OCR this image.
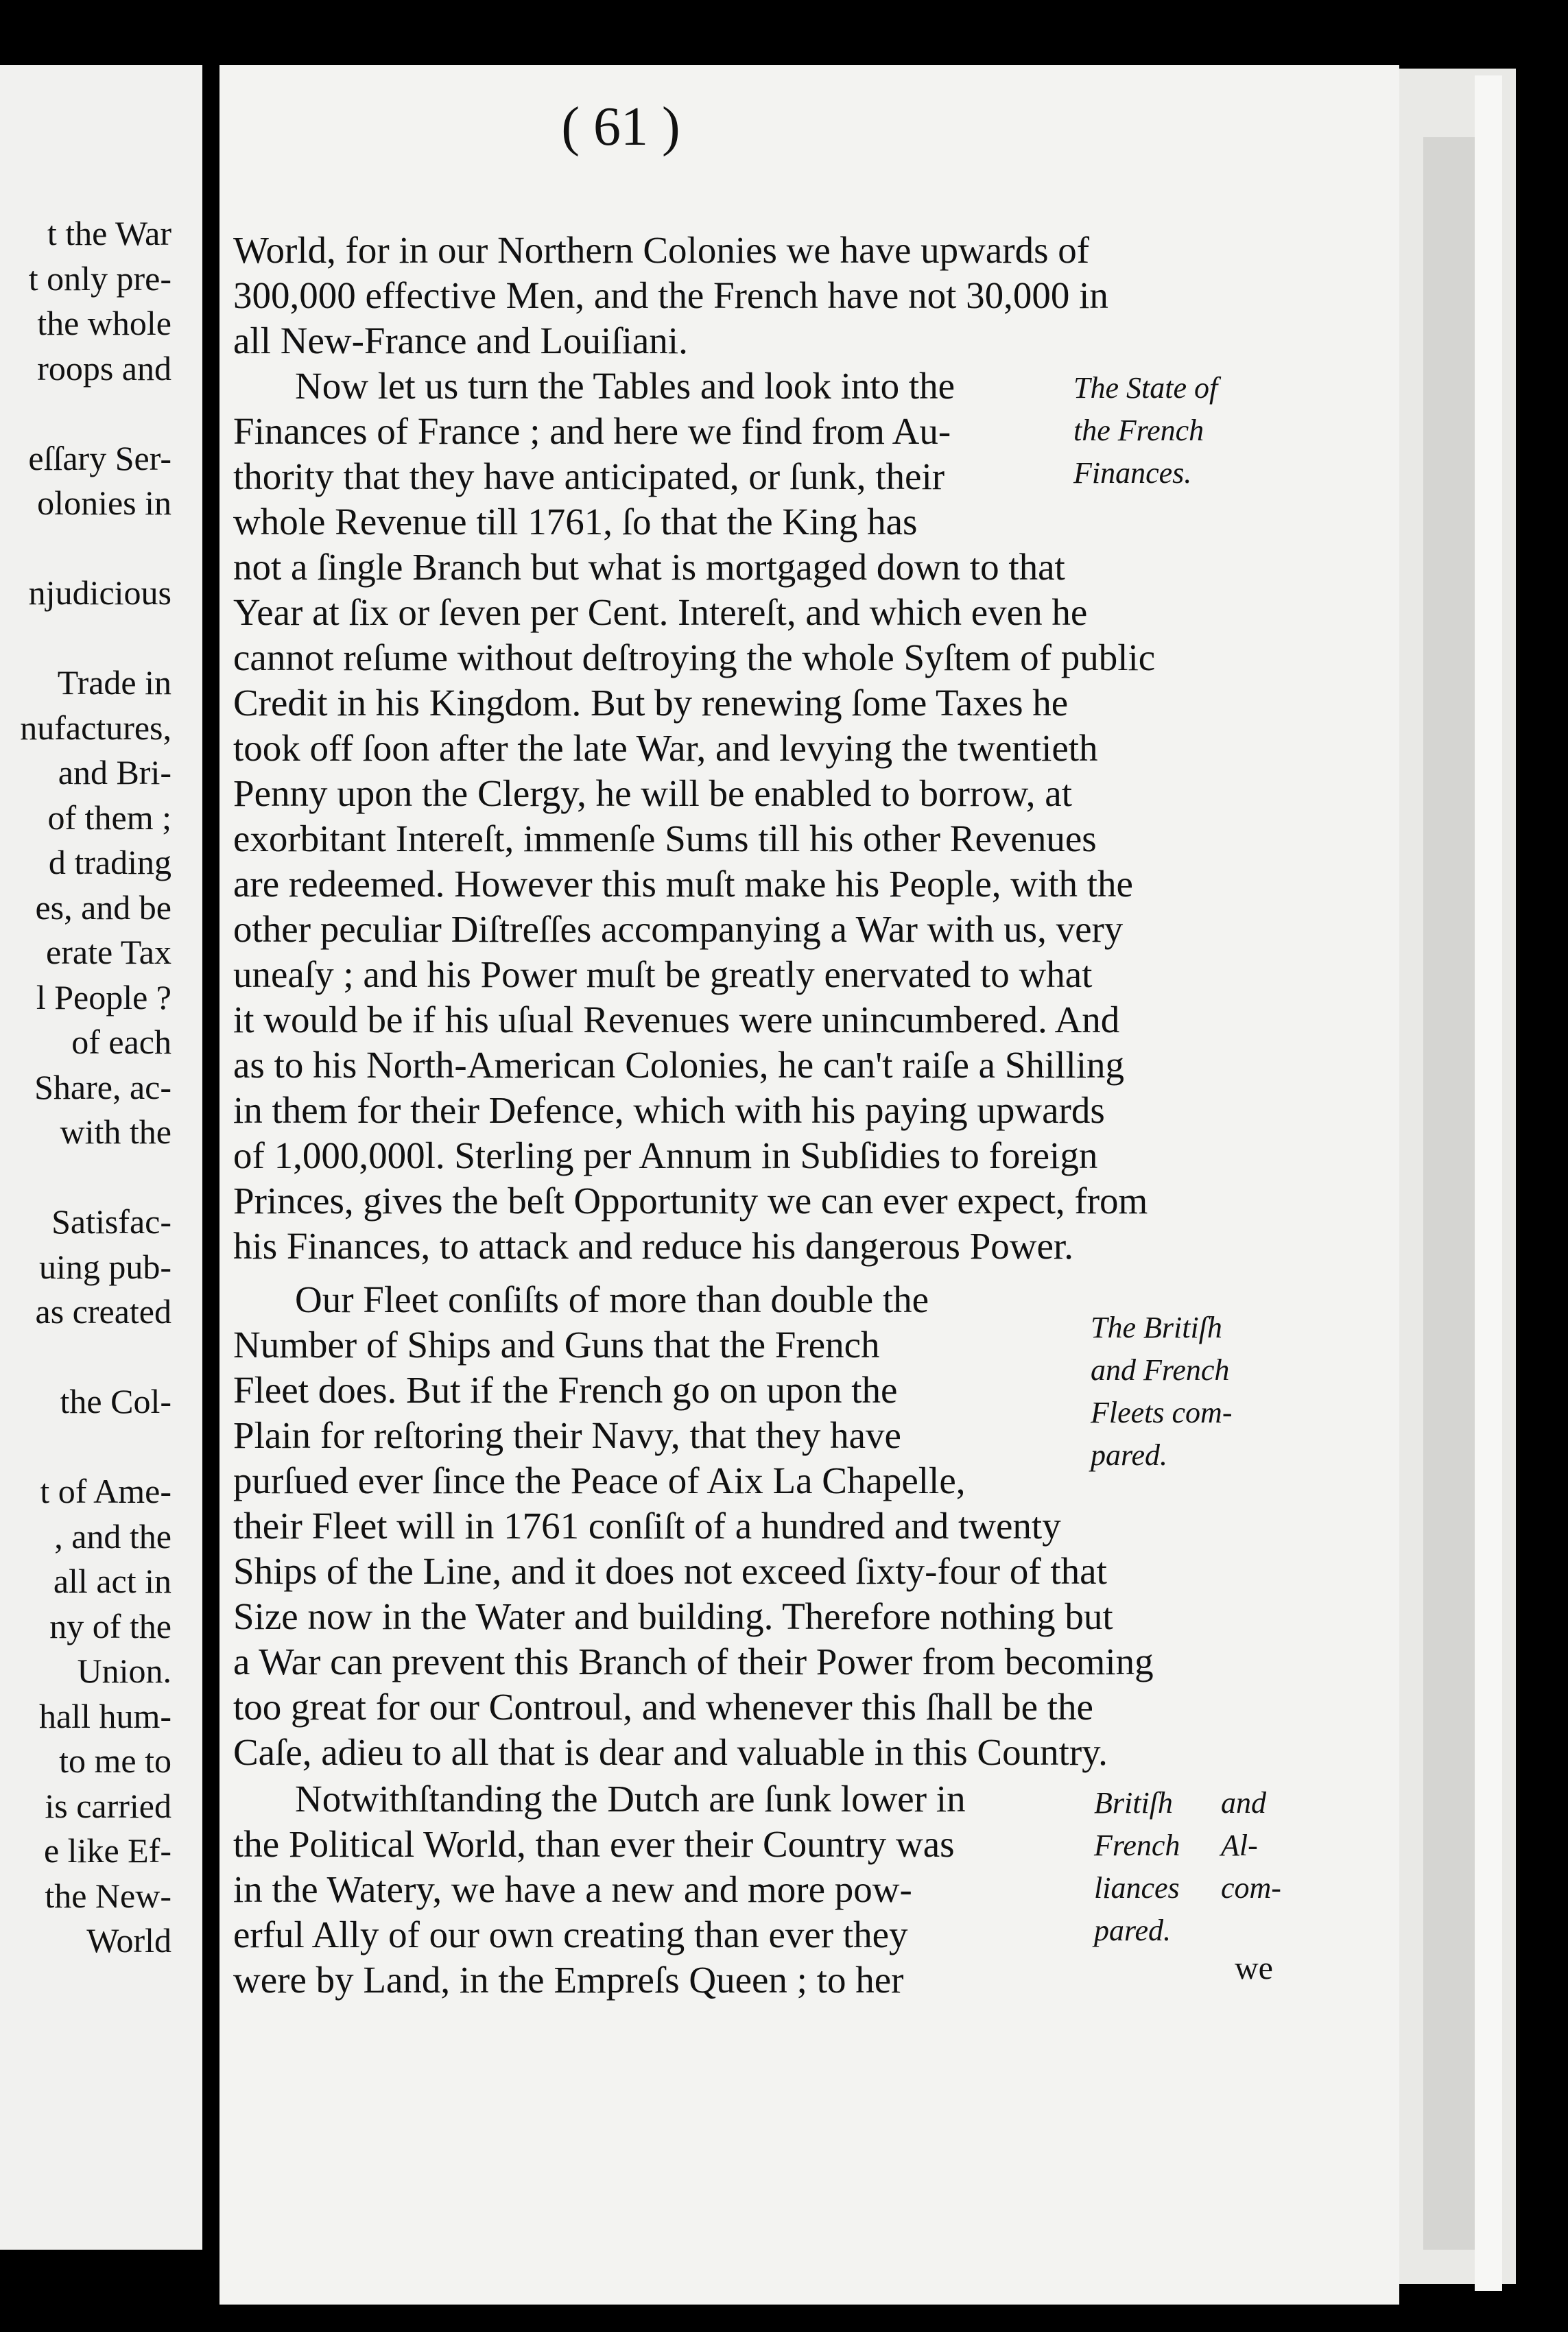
t the War
t only pre-
the whole
roops and
eſſary Ser-
olonies in
njudicious
Trade in
nufactures,
and Bri-
of them ;
d trading
es, and be
erate Tax
l People ?
of each
Share, ac-
with the
Satisfac-
uing pub-
as created
the Col-
t of Ame-
, and the
all act in
ny of the
Union.
hall hum-
to me to
is carried
e like Ef-
the New-
World
( 61 )
World, for in our Northern Colonies we have upwards of
300,000 effective Men, and the French have not 30,000 in
all New-France and Louiſiani.
Now let us turn the Tables and look into the
Finances of France ; and here we find from Au-
thority that they have anticipated, or ſunk, their
whole Revenue till 1761, ſo that the King has
not a ſingle Branch but what is mortgaged down to that
Year at ſix or ſeven per Cent. Intereſt, and which even he
cannot reſume without deſtroying the whole Syſtem of public
Credit in his Kingdom. But by renewing ſome Taxes he
took off ſoon after the late War, and levying the twentieth
Penny upon the Clergy, he will be enabled to borrow, at
exorbitant Intereſt, immenſe Sums till his other Revenues
are redeemed. However this muſt make his People, with the
other peculiar Diſtreſſes accompanying a War with us, very
uneaſy ; and his Power muſt be greatly enervated to what
it would be if his uſual Revenues were unincumbered. And
as to his North-American Colonies, he can't raiſe a Shilling
in them for their Defence, which with his paying upwards
of 1,000,000l. Sterling per Annum in Subſidies to foreign
Princes, gives the beſt Opportunity we can ever expect, from
his Finances, to attack and reduce his dangerous Power.
Our Fleet conſiſts of more than double the
Number of Ships and Guns that the French
Fleet does. But if the French go on upon the
Plain for reſtoring their Navy, that they have
purſued ever ſince the Peace of Aix La Chapelle,
their Fleet will in 1761 conſiſt of a hundred and twenty
Ships of the Line, and it does not exceed ſixty-four of that
Size now in the Water and building. Therefore nothing but
a War can prevent this Branch of their Power from becoming
too great for our Controul, and whenever this ſhall be the
Caſe, adieu to all that is dear and valuable in this Country.
Notwithſtanding the Dutch are ſunk lower in
the Political World, than ever their Country was
in the Watery, we have a new and more pow-
erful Ally of our own creating than ever they
were by Land, in the Empreſs Queen ; to her
The State of
the French
Finances.
The Britiſh
and French
Fleets com-
pared.
Britiſh
French
liances
pared.
and
Al-
com-
we
